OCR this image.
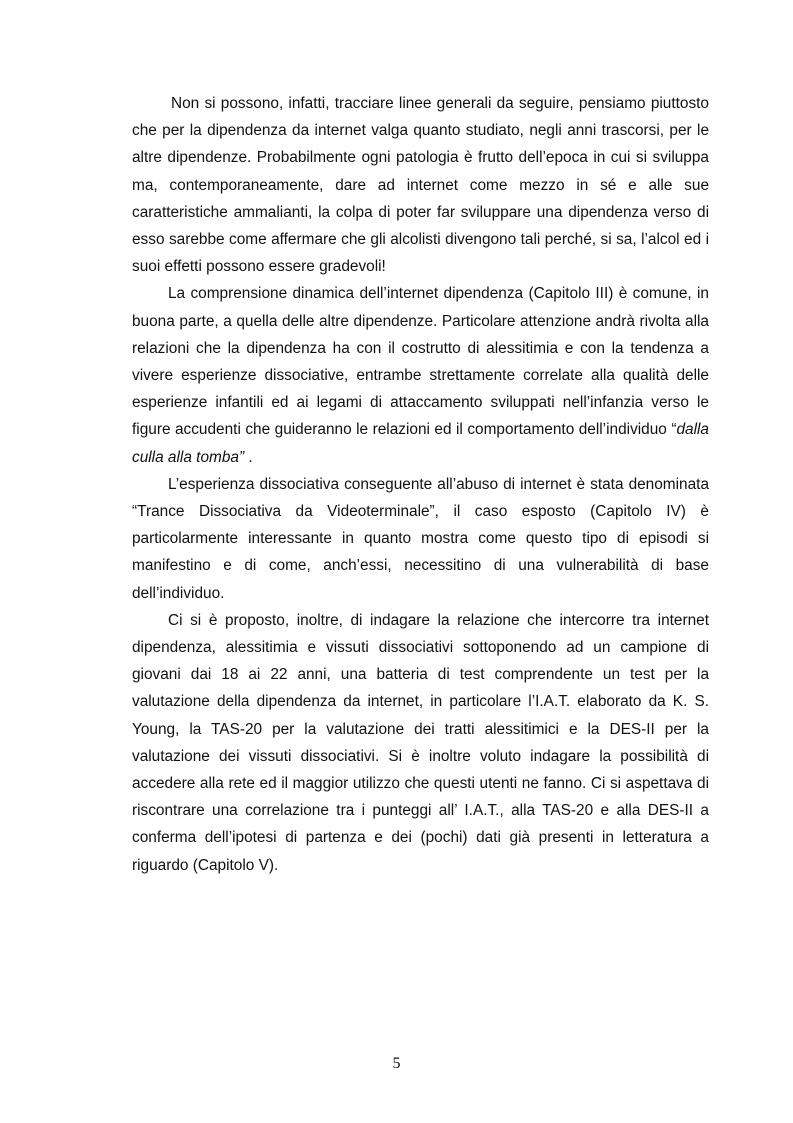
Non si possono, infatti, tracciare linee generali da seguire, pensiamo piuttosto che per la dipendenza da internet valga quanto studiato, negli anni trascorsi, per le altre dipendenze. Probabilmente ogni patologia è frutto dell’epoca in cui si sviluppa ma, contemporaneamente, dare ad internet come mezzo in sé e alle sue caratteristiche ammalianti, la colpa di poter far sviluppare una dipendenza verso di esso sarebbe come affermare che gli alcolisti divengono tali perché, si sa, l’alcol ed i suoi effetti possono essere gradevoli!

La comprensione dinamica dell’internet dipendenza (Capitolo III) è comune, in buona parte, a quella delle altre dipendenze. Particolare attenzione andrà rivolta alla relazioni che la dipendenza ha con il costrutto di alessitimia e con la tendenza a vivere esperienze dissociative, entrambe strettamente correlate alla qualità delle esperienze infantili ed ai legami di attaccamento sviluppati nell’infanzia verso le figure accudenti che guideranno le relazioni ed il comportamento dell’individuo “dalla culla alla tomba” .

L’esperienza dissociativa conseguente all’abuso di internet è stata denominata “Trance Dissociativa da Videoterminale”, il caso esposto (Capitolo IV) è particolarmente interessante in quanto mostra come questo tipo di episodi si manifestino e di come, anch’essi, necessitino di una vulnerabilità di base dell’individuo.

Ci si è proposto, inoltre, di indagare la relazione che intercorre tra internet dipendenza, alessitimia e vissuti dissociativi sottoponendo ad un campione di giovani dai 18 ai 22 anni, una batteria di test comprendente un test per la valutazione della dipendenza da internet, in particolare l’I.A.T. elaborato da K. S. Young, la TAS-20 per la valutazione dei tratti alessitimici e la DES-II per la valutazione dei vissuti dissociativi. Si è inoltre voluto indagare la possibilità di accedere alla rete ed il maggior utilizzo che questi utenti ne fanno. Ci si aspettava di riscontrare una correlazione tra i punteggi all’ I.A.T., alla TAS-20 e alla DES-II a conferma dell’ipotesi di partenza e dei (pochi) dati già presenti in letteratura a riguardo (Capitolo V).

5
